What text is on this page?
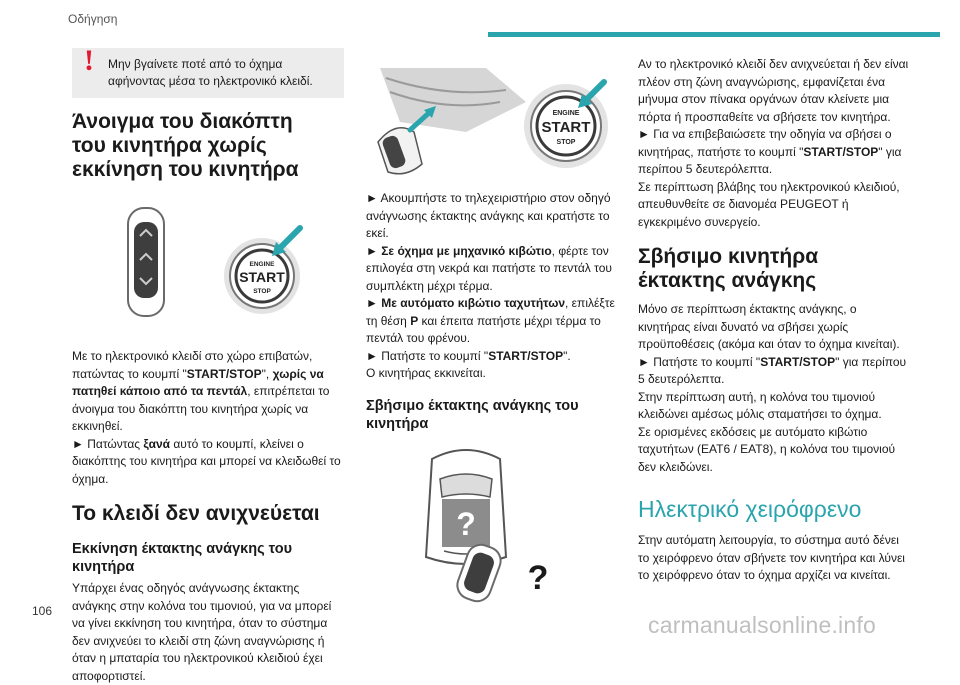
Οδήγηση
! Μην βγαίνετε ποτέ από το όχημα αφήνοντας μέσα το ηλεκτρονικό κλειδί.
Άνοιγμα του διακόπτη του κινητήρα χωρίς εκκίνηση του κινητήρα
ENGINE
START
STOP

Με το ηλεκτρονικό κλειδί στο χώρο επιβατών, πατώντας το κουμπί "START/STOP", χωρίς να πατηθεί κάποιο από τα πεντάλ, επιτρέπεται το άνοιγμα του διακόπτη του κινητήρα χωρίς να εκκινηθεί.

► Πατώντας ξανά αυτό το κουμπί, κλείνει ο διακόπτης του κινητήρα και μπορεί να κλειδωθεί το όχημα.

Το κλειδί δεν ανιχνεύεται
Εκκίνηση έκτακτης ανάγκης του κινητήρα

Υπάρχει ένας οδηγός ανάγνωσης έκτακτης ανάγκης στην κολόνα του τιμονιού, για να μπορεί να γίνει εκκίνηση του κινητήρα, όταν το σύστημα δεν ανιχνεύει το κλειδί στη ζώνη αναγνώρισης ή όταν η μπαταρία του ηλεκτρονικού κλειδιού έχει αποφορτιστεί.

ENGINE
START
STOP

► Ακουμπήστε το τηλεχειριστήριο στον οδηγό ανάγνωσης έκτακτης ανάγκης και κρατήστε το εκεί.

► Σε όχημα με μηχανικό κιβώτιο, φέρτε τον επιλογέα στη νεκρά και πατήστε το πεντάλ του συμπλέκτη μέχρι τέρμα.

► Με αυτόματο κιβώτιο ταχυτήτων, επιλέξτε τη θέση P και έπειτα πατήστε μέχρι τέρμα το πεντάλ του φρένου.

► Πατήστε το κουμπί "START/STOP".

Ο κινητήρας εκκινείται.

Σβήσιμο έκτακτης ανάγκης του κινητήρα
?
?

Αν το ηλεκτρονικό κλειδί δεν ανιχνεύεται ή δεν είναι πλέον στη ζώνη αναγνώρισης, εμφανίζεται ένα μήνυμα στον πίνακα οργάνων όταν κλείνετε μια πόρτα ή προσπαθείτε να σβήσετε τον κινητήρα.

► Για να επιβεβαιώσετε την οδηγία να σβήσει ο κινητήρας, πατήστε το κουμπί "START/STOP" για περίπου 5 δευτερόλεπτα.

Σε περίπτωση βλάβης του ηλεκτρονικού κλειδιού, απευθυνθείτε σε διανομέα PEUGEOT ή εγκεκριμένο συνεργείο.

Σβήσιμο κινητήρα έκτακτης ανάγκης

Μόνο σε περίπτωση έκτακτης ανάγκης, ο κινητήρας είναι δυνατό να σβήσει χωρίς προϋποθέσεις (ακόμα και όταν το όχημα κινείται).

► Πατήστε το κουμπί "START/STOP" για περίπου 5 δευτερόλεπτα.

Στην περίπτωση αυτή, η κολόνα του τιμονιού κλειδώνει αμέσως μόλις σταματήσει το όχημα.

Σε ορισμένες εκδόσεις με αυτόματο κιβώτιο ταχυτήτων (EAT6 / EAT8), η κολόνα του τιμονιού δεν κλειδώνει.

Ηλεκτρικό χειρόφρενο

Στην αυτόματη λειτουργία, το σύστημα αυτό δένει το χειρόφρενο όταν σβήνετε τον κινητήρα και λύνει το χειρόφρενο όταν το όχημα αρχίζει να κινείται.

106
carmanualsonline.info
